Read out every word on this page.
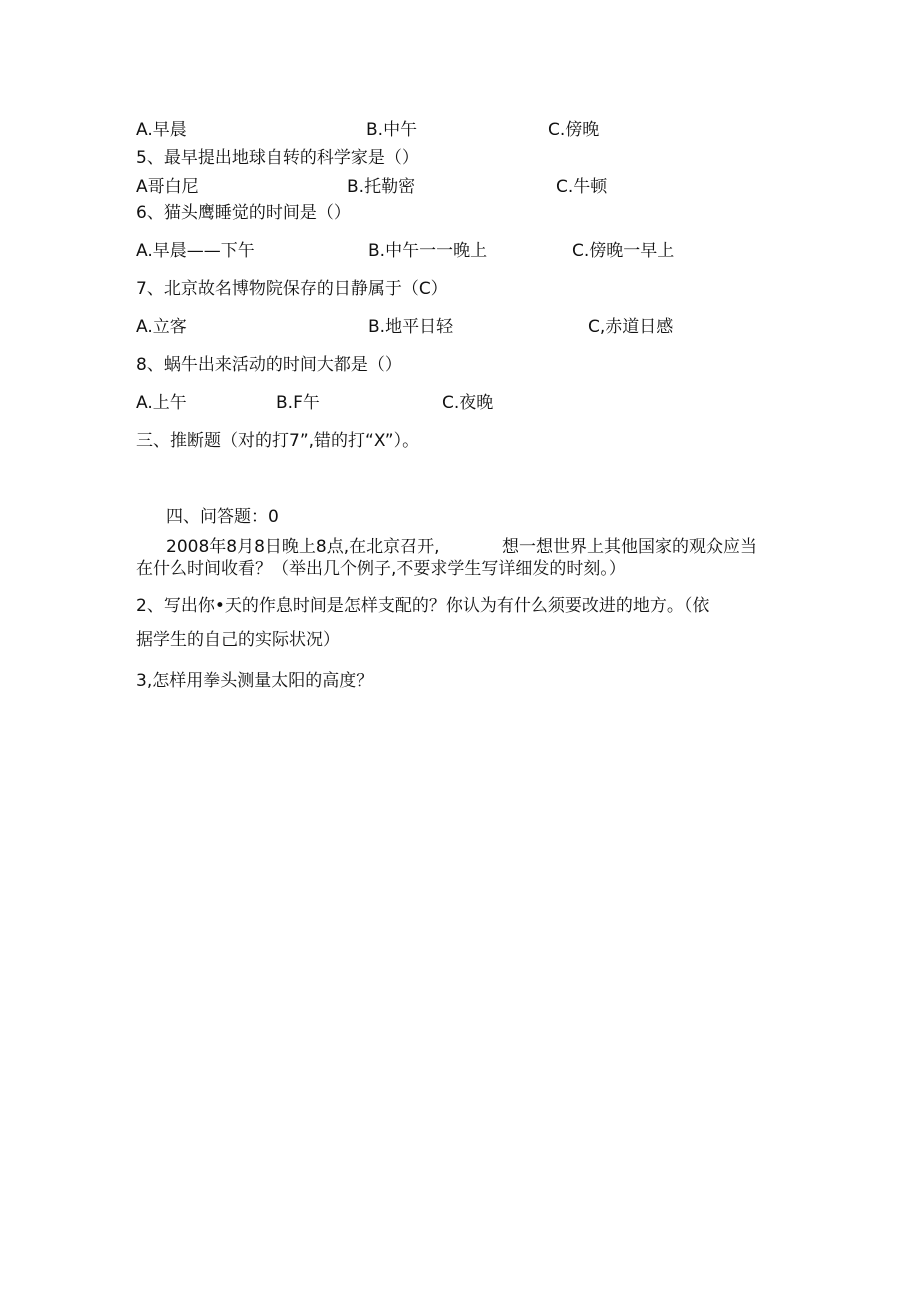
A.早晨	B.中午	C.傍晚
5、最早提出地球自转的科学家是（）
A哥白尼	B.托勒密	C.牛顿
6、猫头鹰睡觉的时间是（）
A.早晨——下午	B.中午一一晚上	C.傍晚一早上
7、北京故名博物院保存的日静属于（C）
A.立客	B.地平日轻	C,赤道日感
8、蜗牛出来活动的时间大都是（）
A.上午	B.F午	C.夜晚
三、推断题（对的打7”,错的打“X”）。
四、问答题：0
2008年8月8日晚上8点,在北京召开,	想一想世界上其他国家的观众应当
在什么时间收看？（举出几个例子,不要求学生写详细发的时刻。）
2、写出你•天的作息时间是怎样支配的？你认为有什么须要改进的地方。（依
据学生的自己的实际状况）
3,怎样用拳头测量太阳的高度？
